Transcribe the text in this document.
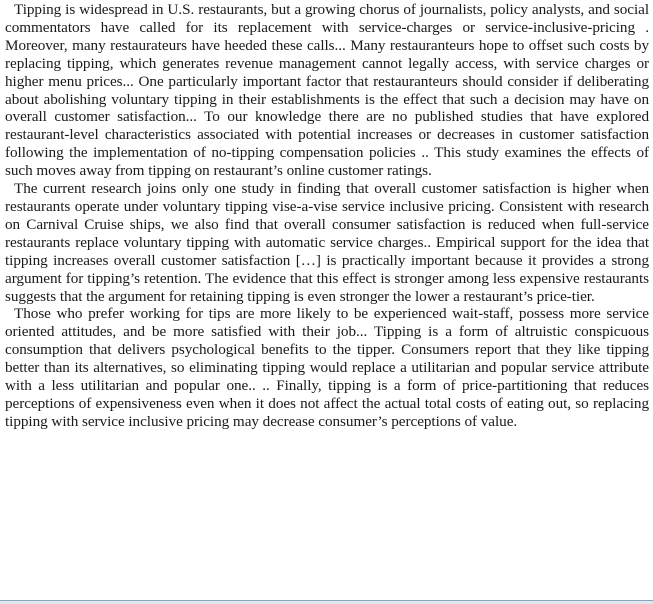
Tipping is widespread in U.S. restaurants, but a growing chorus of journalists, policy analysts, and social commentators have called for its replacement with service-charges or service-inclusive-pricing . Moreover, many restaurateurs have heeded these calls... Many restauranteurs hope to offset such costs by replacing tipping, which generates revenue management cannot legally access, with service charges or higher menu prices... One particularly important factor that restauranteurs should consider if deliberating about abolishing voluntary tipping in their establishments is the effect that such a decision may have on overall customer satisfaction... To our knowledge there are no published studies that have explored restaurant-level characteristics associated with potential increases or decreases in customer satisfaction following the implementation of no-tipping compensation policies .. This study examines the effects of such moves away from tipping on restaurant’s online customer ratings.

The current research joins only one study in finding that overall customer satisfaction is higher when restaurants operate under voluntary tipping vise-a-vise service inclusive pricing. Consistent with research on Carnival Cruise ships, we also find that overall consumer satisfaction is reduced when full-service restaurants replace voluntary tipping with automatic service charges.. Empirical support for the idea that tipping increases overall customer satisfaction […] is practically important because it provides a strong argument for tipping’s retention. The evidence that this effect is stronger among less expensive restaurants suggests that the argument for retaining tipping is even stronger the lower a restaurant’s price-tier.

Those who prefer working for tips are more likely to be experienced wait-staff, possess more service oriented attitudes, and be more satisfied with their job... Tipping is a form of altruistic conspicuous consumption that delivers psychological benefits to the tipper. Consumers report that they like tipping better than its alternatives, so eliminating tipping would replace a utilitarian and popular service attribute with a less utilitarian and popular one.. .. Finally, tipping is a form of price-partitioning that reduces perceptions of expensiveness even when it does not affect the actual total costs of eating out, so replacing tipping with service inclusive pricing may decrease consumer’s perceptions of value.
